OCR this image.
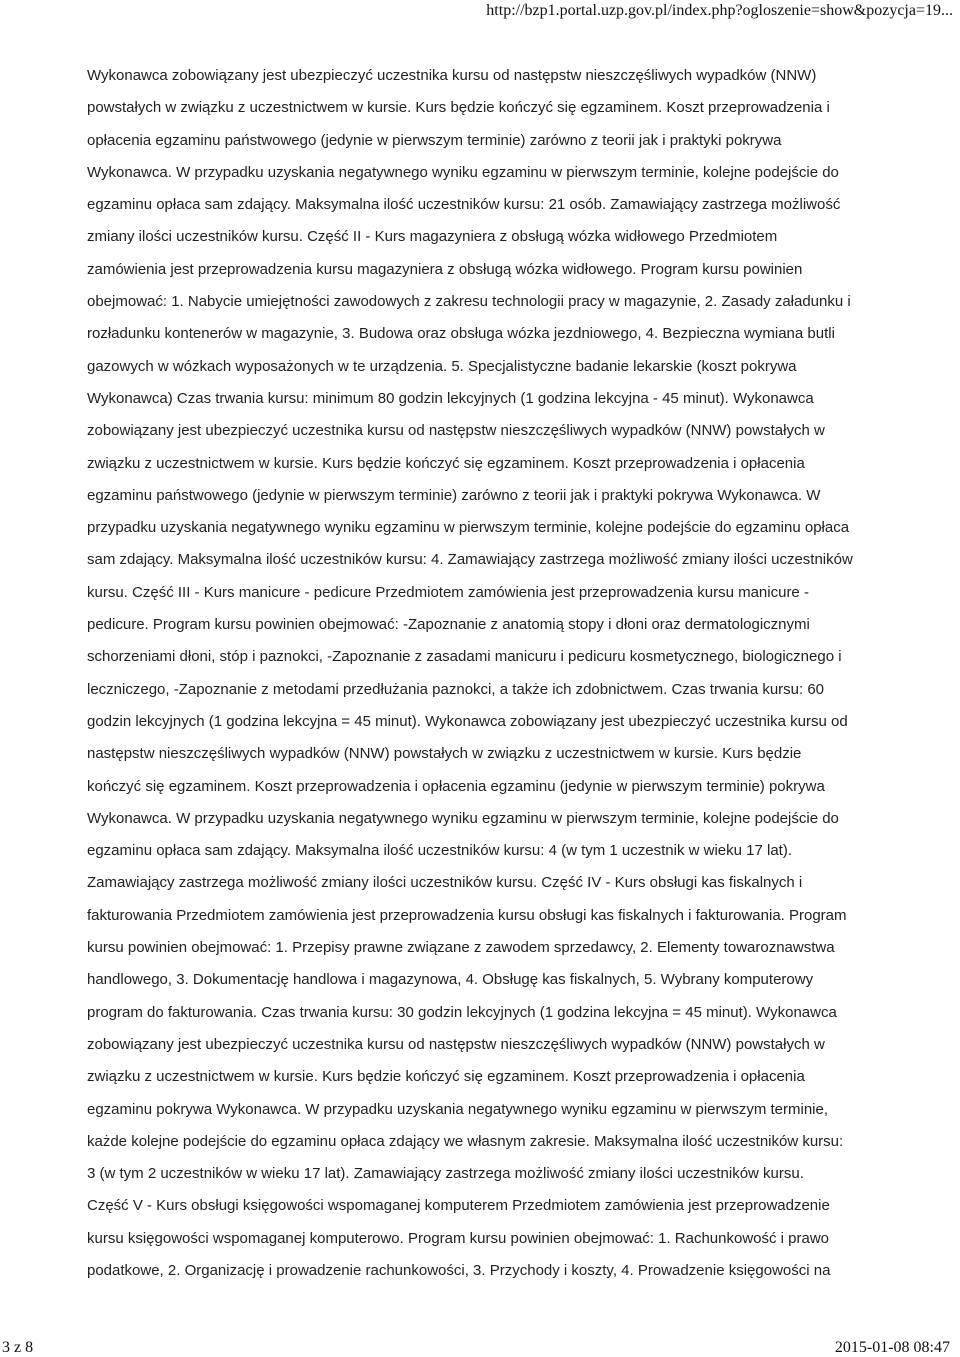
http://bzp1.portal.uzp.gov.pl/index.php?ogloszenie=show&pozycja=19...
Wykonawca zobowiązany jest ubezpieczyć uczestnika kursu od następstw nieszczęśliwych wypadków (NNW)
powstałych w związku z uczestnictwem w kursie. Kurs będzie kończyć się egzaminem. Koszt przeprowadzenia i
opłacenia egzaminu państwowego (jedynie w pierwszym terminie) zarówno z teorii jak i praktyki pokrywa
Wykonawca. W przypadku uzyskania negatywnego wyniku egzaminu w pierwszym terminie, kolejne podejście do
egzaminu opłaca sam zdający. Maksymalna ilość uczestników kursu: 21 osób. Zamawiający zastrzega możliwość
zmiany ilości uczestników kursu. Część II - Kurs magazyniera z obsługą wózka widłowego Przedmiotem
zamówienia jest przeprowadzenia kursu magazyniera z obsługą wózka widłowego. Program kursu powinien
obejmować: 1. Nabycie umiejętności zawodowych z zakresu technologii pracy w magazynie, 2. Zasady załadunku i
rozładunku kontenerów w magazynie, 3. Budowa oraz obsługa wózka jezdniowego, 4. Bezpieczna wymiana butli
gazowych w wózkach wyposażonych w te urządzenia. 5. Specjalistyczne badanie lekarskie (koszt pokrywa
Wykonawca) Czas trwania kursu: minimum 80 godzin lekcyjnych (1 godzina lekcyjna - 45 minut). Wykonawca
zobowiązany jest ubezpieczyć uczestnika kursu od następstw nieszczęśliwych wypadków (NNW) powstałych w
związku z uczestnictwem w kursie. Kurs będzie kończyć się egzaminem. Koszt przeprowadzenia i opłacenia
egzaminu państwowego (jedynie w pierwszym terminie) zarówno z teorii jak i praktyki pokrywa Wykonawca. W
przypadku uzyskania negatywnego wyniku egzaminu w pierwszym terminie, kolejne podejście do egzaminu opłaca
sam zdający. Maksymalna ilość uczestników kursu: 4. Zamawiający zastrzega możliwość zmiany ilości uczestników
kursu. Część III - Kurs manicure - pedicure Przedmiotem zamówienia jest przeprowadzenia kursu manicure -
pedicure. Program kursu powinien obejmować: -Zapoznanie z anatomią stopy i dłoni oraz dermatologicznymi
schorzeniami dłoni, stóp i paznokci, -Zapoznanie z zasadami manicuru i pedicuru kosmetycznego, biologicznego i
leczniczego, -Zapoznanie z metodami przedłużania paznokci, a także ich zdobnictwem. Czas trwania kursu: 60
godzin lekcyjnych (1 godzina lekcyjna = 45 minut). Wykonawca zobowiązany jest ubezpieczyć uczestnika kursu od
następstw nieszczęśliwych wypadków (NNW) powstałych w związku z uczestnictwem w kursie. Kurs będzie
kończyć się egzaminem. Koszt przeprowadzenia i opłacenia egzaminu (jedynie w pierwszym terminie) pokrywa
Wykonawca. W przypadku uzyskania negatywnego wyniku egzaminu w pierwszym terminie, kolejne podejście do
egzaminu opłaca sam zdający. Maksymalna ilość uczestników kursu: 4 (w tym 1 uczestnik w wieku 17 lat).
Zamawiający zastrzega możliwość zmiany ilości uczestników kursu. Część IV - Kurs obsługi kas fiskalnych i
fakturowania Przedmiotem zamówienia jest przeprowadzenia kursu obsługi kas fiskalnych i fakturowania. Program
kursu powinien obejmować: 1. Przepisy prawne związane z zawodem sprzedawcy, 2. Elementy towaroznawstwa
handlowego, 3. Dokumentację handlowa i magazynowa, 4. Obsługę kas fiskalnych, 5. Wybrany komputerowy
program do fakturowania. Czas trwania kursu: 30 godzin lekcyjnych (1 godzina lekcyjna = 45 minut). Wykonawca
zobowiązany jest ubezpieczyć uczestnika kursu od następstw nieszczęśliwych wypadków (NNW) powstałych w
związku z uczestnictwem w kursie. Kurs będzie kończyć się egzaminem. Koszt przeprowadzenia i opłacenia
egzaminu pokrywa Wykonawca. W przypadku uzyskania negatywnego wyniku egzaminu w pierwszym terminie,
każde kolejne podejście do egzaminu opłaca zdający we własnym zakresie. Maksymalna ilość uczestników kursu:
3 (w tym 2 uczestników w wieku 17 lat). Zamawiający zastrzega możliwość zmiany ilości uczestników kursu.
Część V - Kurs obsługi księgowości wspomaganej komputerem Przedmiotem zamówienia jest przeprowadzenie
kursu księgowości wspomaganej komputerowo. Program kursu powinien obejmować: 1. Rachunkowość i prawo
podatkowe, 2. Organizację i prowadzenie rachunkowości, 3. Przychody i koszty, 4. Prowadzenie księgowości na
3 z 8	2015-01-08 08:47
